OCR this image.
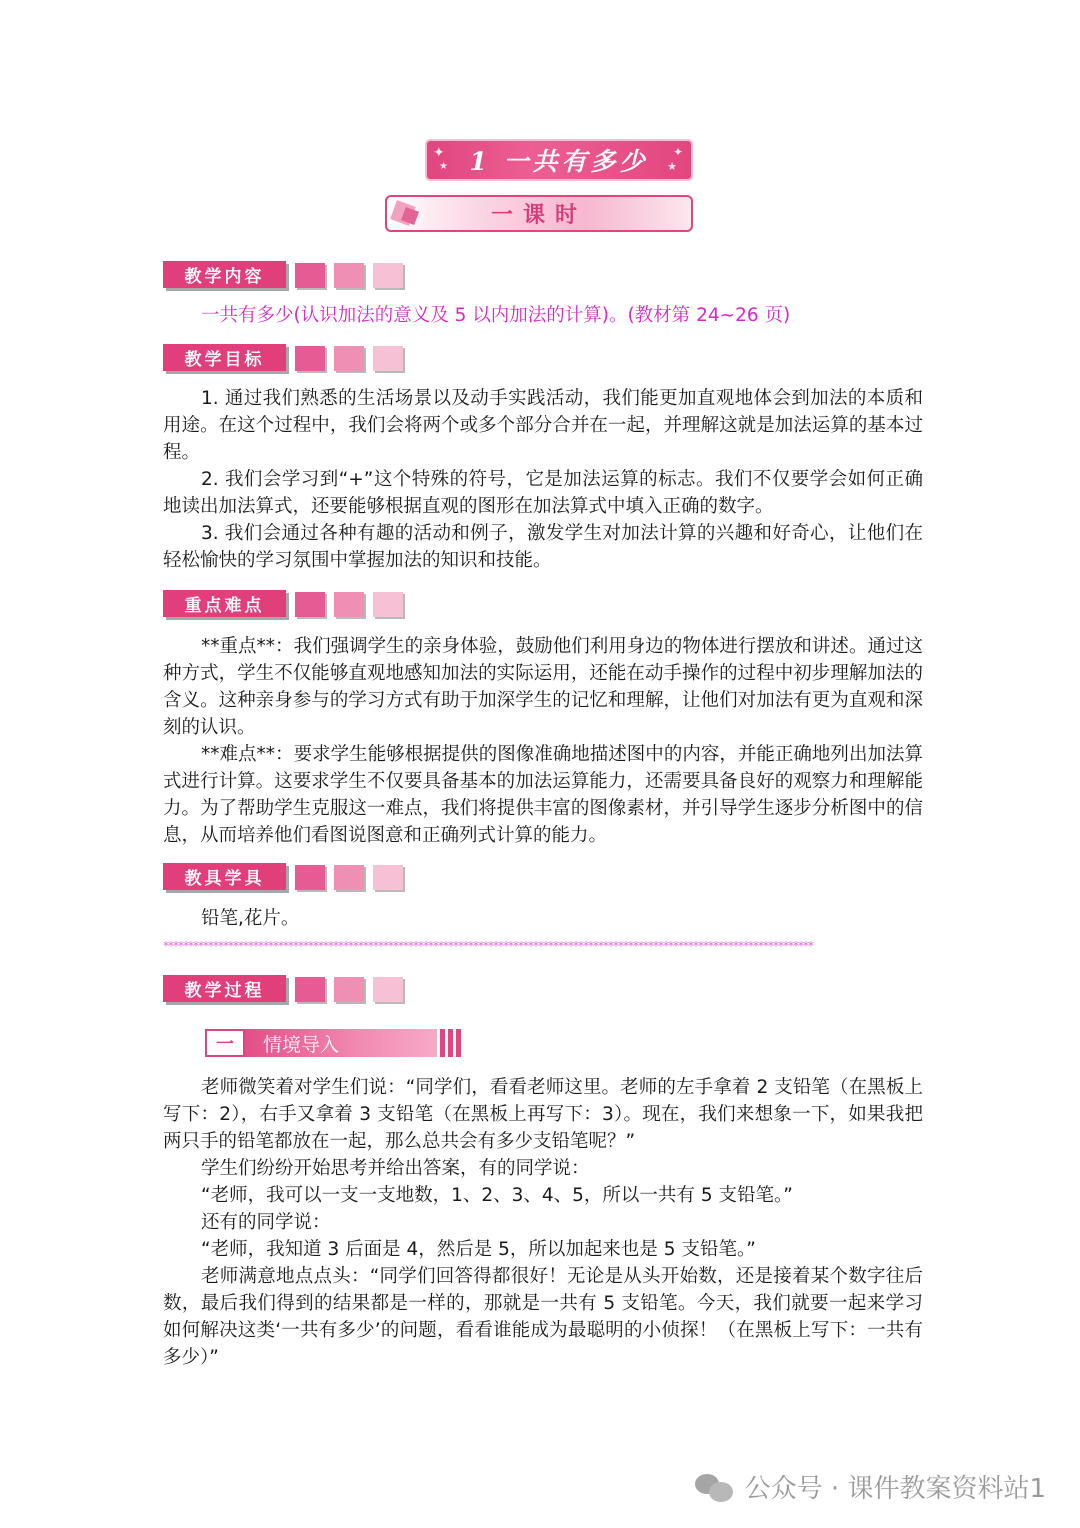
✦
★
✦
★
1 一共有多少
一课时
教学内容

一共有多少(认识加法的意义及 5 以内加法的计算)。(教材第 24~26 页)

教学目标

1. 通过我们熟悉的生活场景以及动手实践活动，我们能更加直观地体会到加法的本质和用途。在这个过程中，我们会将两个或多个部分合并在一起，并理解这就是加法运算的基本过程。

2. 我们会学习到“+”这个特殊的符号，它是加法运算的标志。我们不仅要学会如何正确地读出加法算式，还要能够根据直观的图形在加法算式中填入正确的数字。

3. 我们会通过各种有趣的活动和例子，激发学生对加法计算的兴趣和好奇心，让他们在轻松愉快的学习氛围中掌握加法的知识和技能。

重点难点

**重点**：我们强调学生的亲身体验，鼓励他们利用身边的物体进行摆放和讲述。通过这种方式，学生不仅能够直观地感知加法的实际运用，还能在动手操作的过程中初步理解加法的含义。这种亲身参与的学习方式有助于加深学生的记忆和理解，让他们对加法有更为直观和深刻的认识。

**难点**：要求学生能够根据提供的图像准确地描述图中的内容，并能正确地列出加法算式进行计算。这要求学生不仅要具备基本的加法运算能力，还需要具备良好的观察力和理解能力。为了帮助学生克服这一难点，我们将提供丰富的图像素材，并引导学生逐步分析图中的信息，从而培养他们看图说图意和正确列式计算的能力。

教具学具

铅笔,花片。

**********************************************************************************************************************************
教学过程
一	情境导入

老师微笑着对学生们说：“同学们，看看老师这里。老师的左手拿着 2 支铅笔（在黑板上写下：2），右手又拿着 3 支铅笔（在黑板上再写下：3）。现在，我们来想象一下，如果我把两只手的铅笔都放在一起，那么总共会有多少支铅笔呢？”

学生们纷纷开始思考并给出答案，有的同学说：

“老师，我可以一支一支地数，1、2、3、4、5，所以一共有 5 支铅笔。”

还有的同学说：

“老师，我知道 3 后面是 4，然后是 5，所以加起来也是 5 支铅笔。”

老师满意地点点头：“同学们回答得都很好！无论是从头开始数，还是接着某个数字往后数，最后我们得到的结果都是一样的，那就是一共有 5 支铅笔。今天，我们就要一起来学习如何解决这类‘一共有多少’的问题，看看谁能成为最聪明的小侦探！（在黑板上写下：一共有多少）”

公众号 · 课件教案资料站1
